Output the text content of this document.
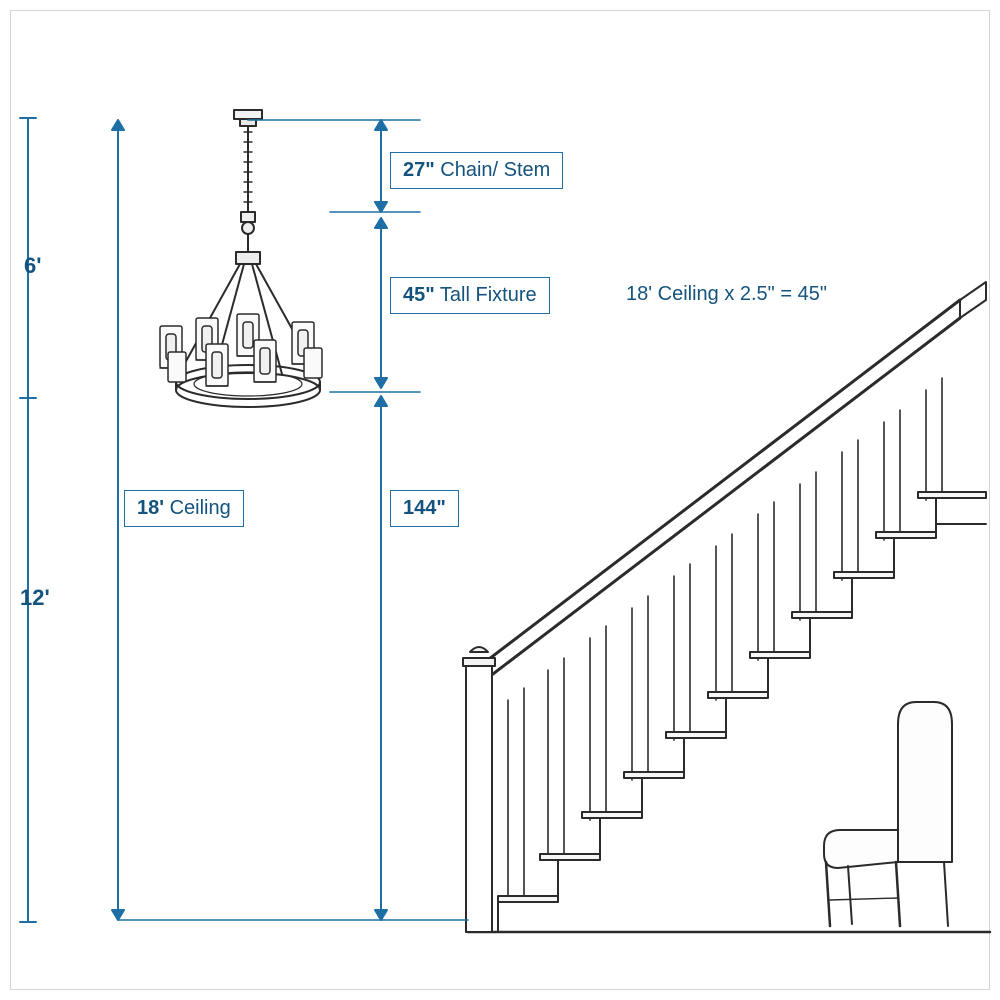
6'
12'
27" Chain/ Stem
45" Tall Fixture	18' Ceiling x 2.5" = 45"
18' Ceiling	144"
